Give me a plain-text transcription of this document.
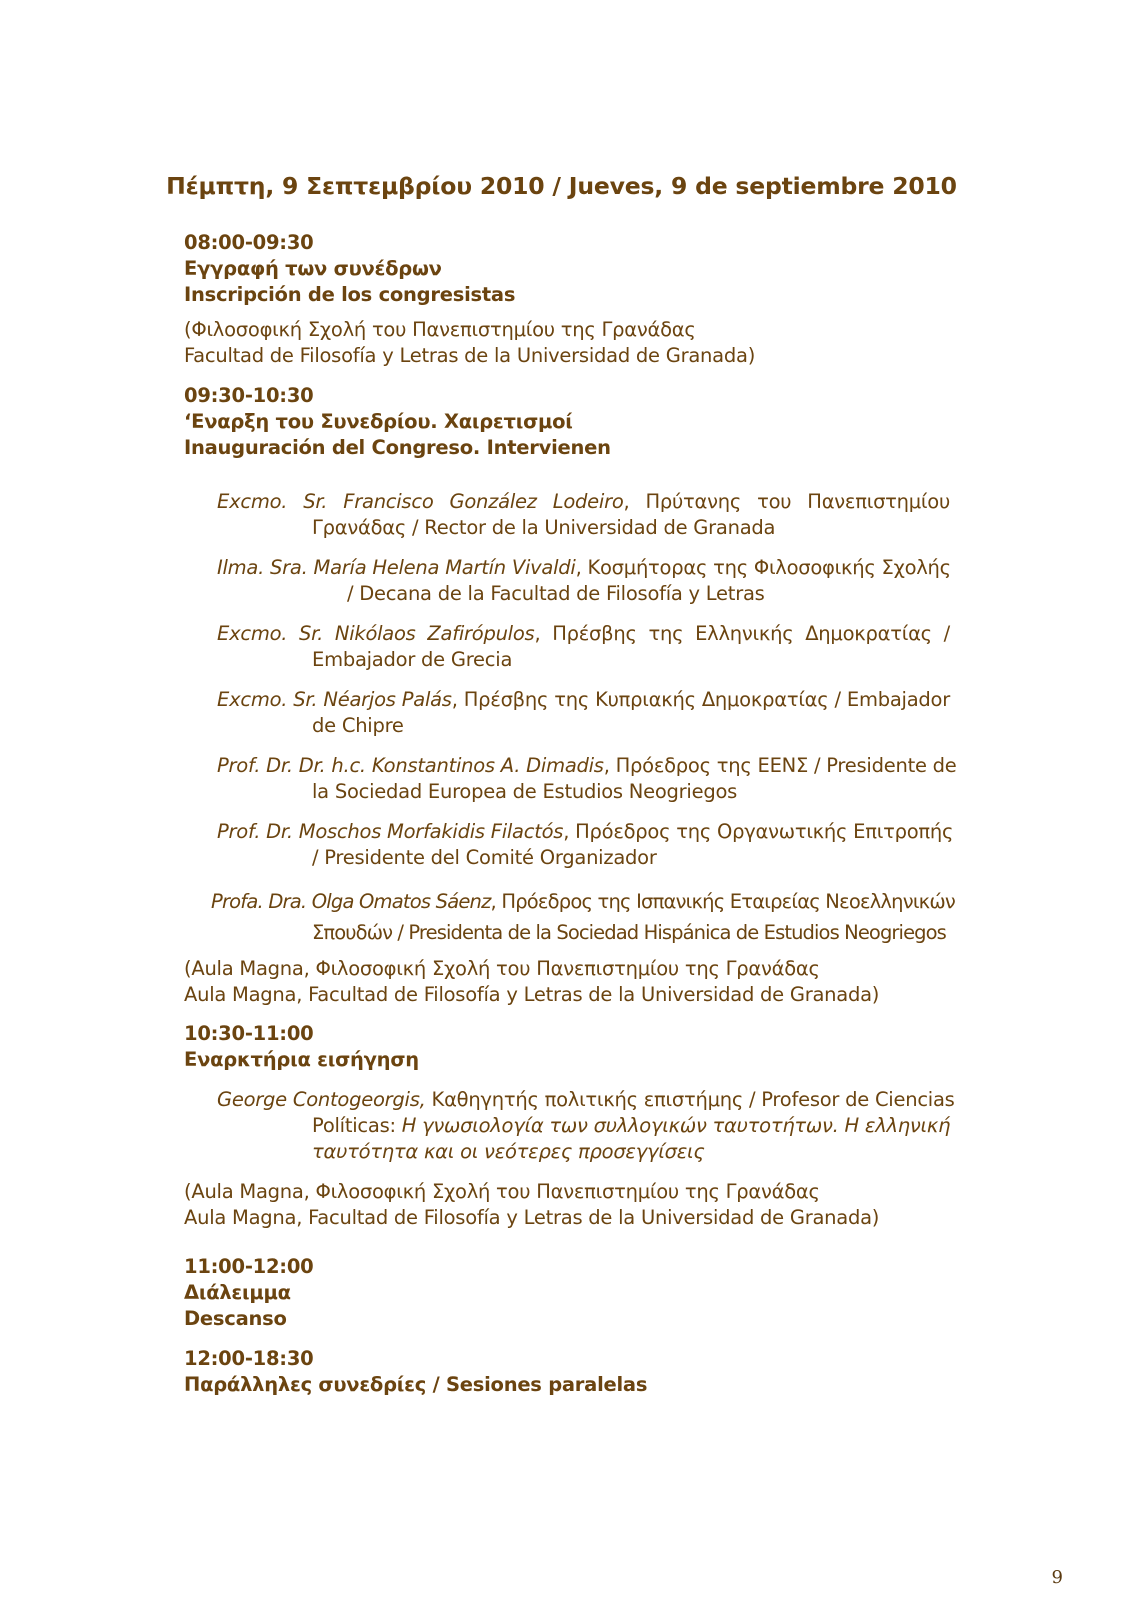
Πέμπτη, 9 Σεπτεμβρίου 2010 / Jueves, 9 de septiembre 2010
08:00-09:30
Εγγραφή των συνέδρων
Inscripción de los congresistas
(Φιλοσοφική Σχολή του Πανεπιστημίου της Γρανάδας
Facultad de Filosofía y Letras de la Universidad de Granada)
09:30-10:30
‘Εναρξη του Συνεδρίου. Χαιρετισμοί
Inauguración del Congreso. Intervienen
Excmo. Sr. Francisco González Lodeiro, Πρύτανης του Πανεπιστημίου
Γρανάδας / Rector de la Universidad de Granada
Ilma. Sra. María Helena Martín Vivaldi, Κοσμήτορας της Φιλοσοφικής Σχολής
/ Decana de la Facultad de Filosofía y Letras
Excmo. Sr. Nikólaos Zafirópulos, Πρέσβης της Ελληνικής Δημοκρατίας /
Embajador de Grecia
Excmo. Sr. Néarjos Palás, Πρέσβης της Κυπριακής Δημοκρατίας / Embajador
de Chipre
Prof. Dr. Dr. h.c. Konstantinos A. Dimadis, Πρόεδρος της ΕΕΝΣ / Presidente de
la Sociedad Europea de Estudios Neogriegos
Prof. Dr. Moschos Morfakidis Filactós, Πρόεδρος της Οργανωτικής Επιτροπής
/ Presidente del Comité Organizador
Profa. Dra. Olga Omatos Sáenz, Πρόεδρος της Ισπανικής Εταιρείας Νεοελληνικών
Σπουδών / Presidenta de la Sociedad Hispánica de Estudios Neogriegos
(Aula Magna, Φιλοσοφική Σχολή του Πανεπιστημίου της Γρανάδας
Aula Magna, Facultad de Filosofía y Letras de la Universidad de Granada)
10:30-11:00
Εναρκτήρια εισήγηση
George Contogeorgis, Καθηγητής πολιτικής επιστήμης / Profesor de Ciencias
Políticas: Η γνωσιολογία των συλλογικών ταυτοτήτων. Η ελληνική
ταυτότητα και οι νεότερες προσεγγίσεις
(Aula Magna, Φιλοσοφική Σχολή του Πανεπιστημίου της Γρανάδας
Aula Magna, Facultad de Filosofía y Letras de la Universidad de Granada)
11:00-12:00
Διάλειμμα
Descanso
12:00-18:30
Παράλληλες συνεδρίες / Sesiones paralelas
9
